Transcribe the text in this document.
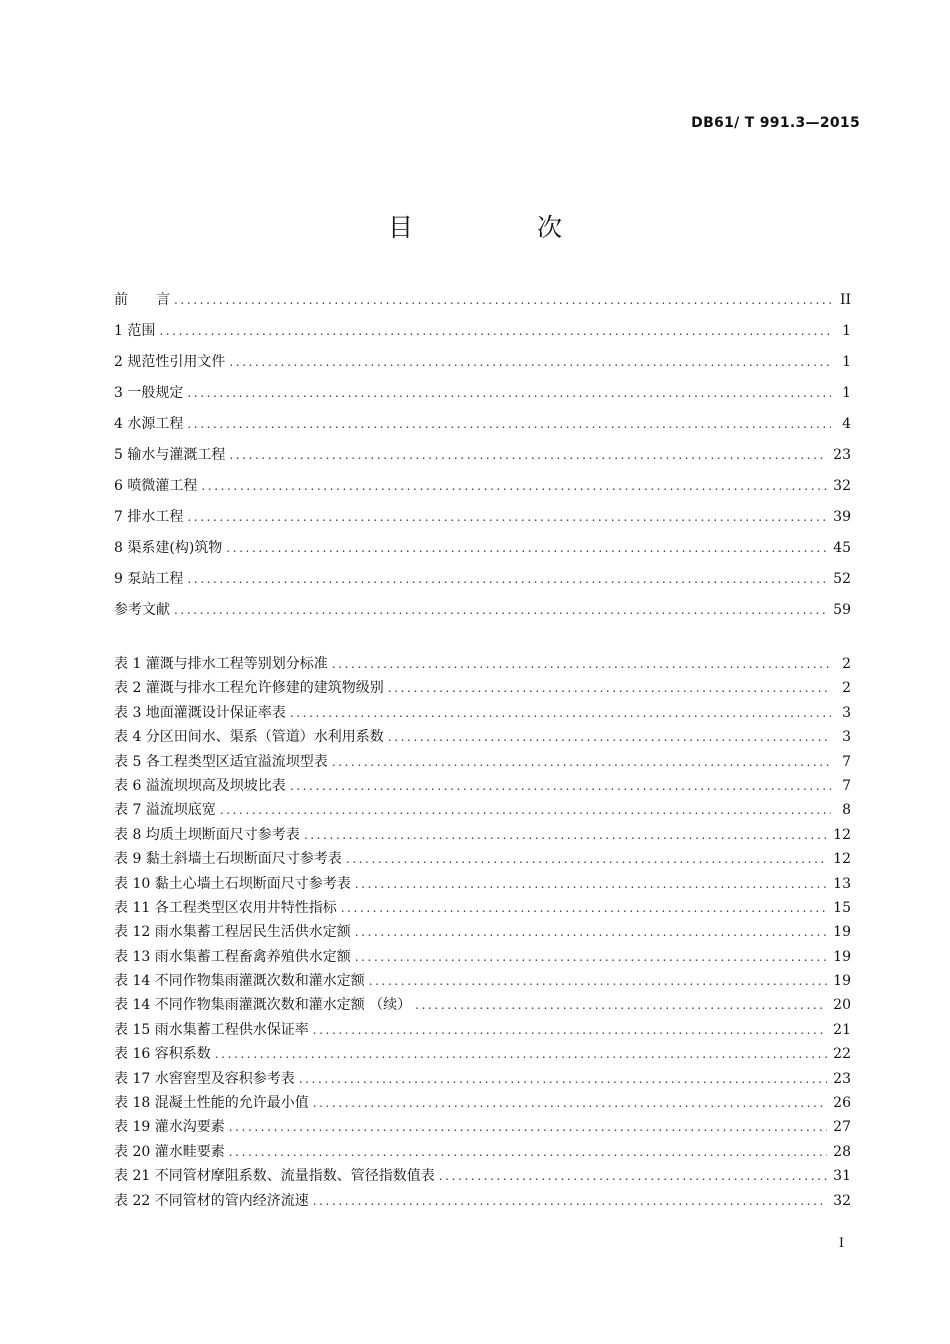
DB61/ T 991.3—2015
目 次
前　　言 .....	II
1 范围 .....	1
2 规范性引用文件 .....	1
3 一般规定 .....	1
4 水源工程 .....	4
5 输水与灌溉工程 .....	23
6 喷微灌工程 .....	32
7 排水工程 .....	39
8 渠系建(构)筑物 .....	45
9 泵站工程 .....	52
参考文献 .....	59
表 1 灌溉与排水工程等别划分标准 .....	2
表 2 灌溉与排水工程允许修建的建筑物级别 .....	2
表 3 地面灌溉设计保证率表 .....	3
表 4 分区田间水、渠系（管道）水利用系数 .....	3
表 5 各工程类型区适宜溢流坝型表 .....	7
表 6 溢流坝坝高及坝坡比表 .....	7
表 7 溢流坝底宽 .....	8
表 8 均质土坝断面尺寸参考表 .....	12
表 9 黏土斜墙土石坝断面尺寸参考表 .....	12
表 10 黏土心墙土石坝断面尺寸参考表 .....	13
表 11 各工程类型区农用井特性指标 .....	15
表 12 雨水集蓄工程居民生活供水定额 .....	19
表 13 雨水集蓄工程畜禽养殖供水定额 .....	19
表 14 不同作物集雨灌溉次数和灌水定额 .....	19
表 14 不同作物集雨灌溉次数和灌水定额 （续） .....	20
表 15 雨水集蓄工程供水保证率 .....	21
表 16 容积系数 .....	22
表 17 水窖窖型及容积参考表 .....	23
表 18 混凝土性能的允许最小值 .....	26
表 19 灌水沟要素 .....	27
表 20 灌水畦要素 .....	28
表 21 不同管材摩阻系数、流量指数、管径指数值表 .....	31
表 22 不同管材的管内经济流速 .....	32
I
